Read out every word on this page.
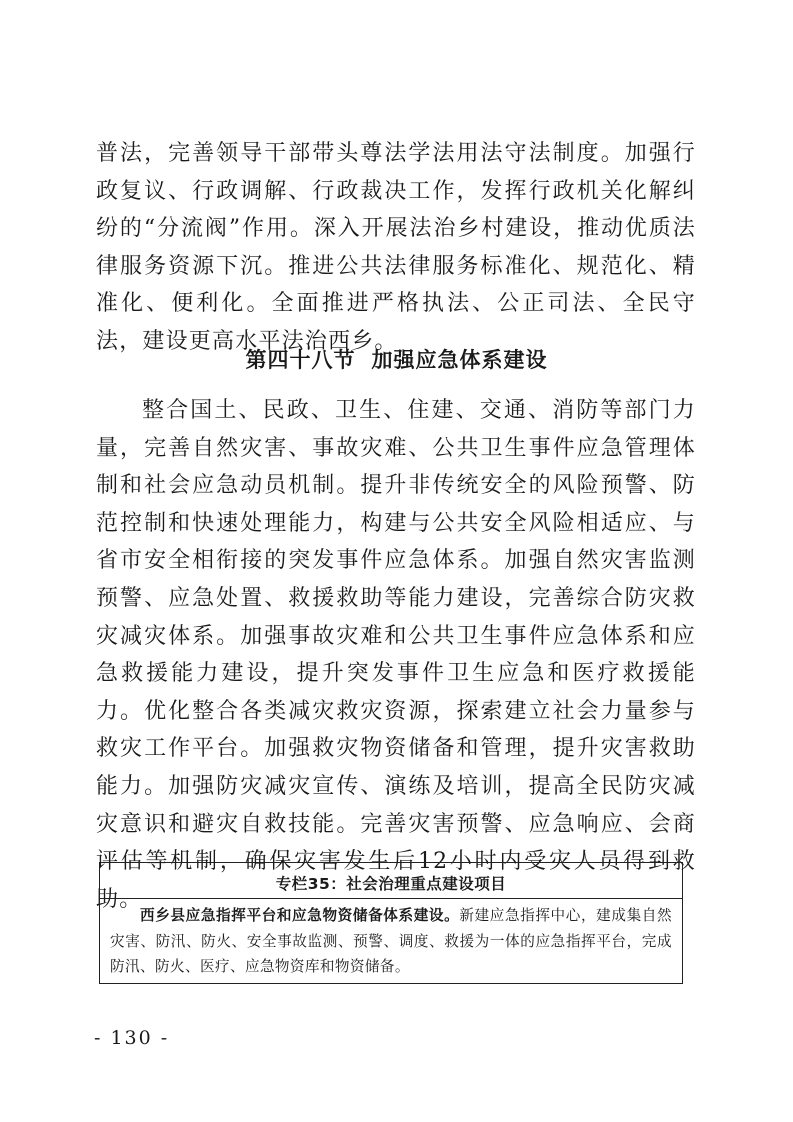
普法，完善领导干部带头尊法学法用法守法制度。加强行政复议、行政调解、行政裁决工作，发挥行政机关化解纠纷的“分流阀”作用。深入开展法治乡村建设，推动优质法律服务资源下沉。推进公共法律服务标准化、规范化、精准化、便利化。全面推进严格执法、公正司法、全民守法，建设更高水平法治西乡。

第四十八节 加强应急体系建设

整合国土、民政、卫生、住建、交通、消防等部门力量，完善自然灾害、事故灾难、公共卫生事件应急管理体制和社会应急动员机制。提升非传统安全的风险预警、防范控制和快速处理能力，构建与公共安全风险相适应、与省市安全相衔接的突发事件应急体系。加强自然灾害监测预警、应急处置、救援救助等能力建设，完善综合防灾救灾减灾体系。加强事故灾难和公共卫生事件应急体系和应急救援能力建设，提升突发事件卫生应急和医疗救援能力。优化整合各类减灾救灾资源，探索建立社会力量参与救灾工作平台。加强救灾物资储备和管理，提升灾害救助能力。加强防灾减灾宣传、演练及培训，提高全民防灾减灾意识和避灾自救技能。完善灾害预警、应急响应、会商评估等机制，确保灾害发生后12小时内受灾人员得到救助。

专栏35：社会治理重点建设项目

西乡县应急指挥平台和应急物资储备体系建设。新建应急指挥中心，建成集自然灾害、防汛、防火、安全事故监测、预警、调度、救援为一体的应急指挥平台，完成防汛、防火、医疗、应急物资库和物资储备。

- 130 -
